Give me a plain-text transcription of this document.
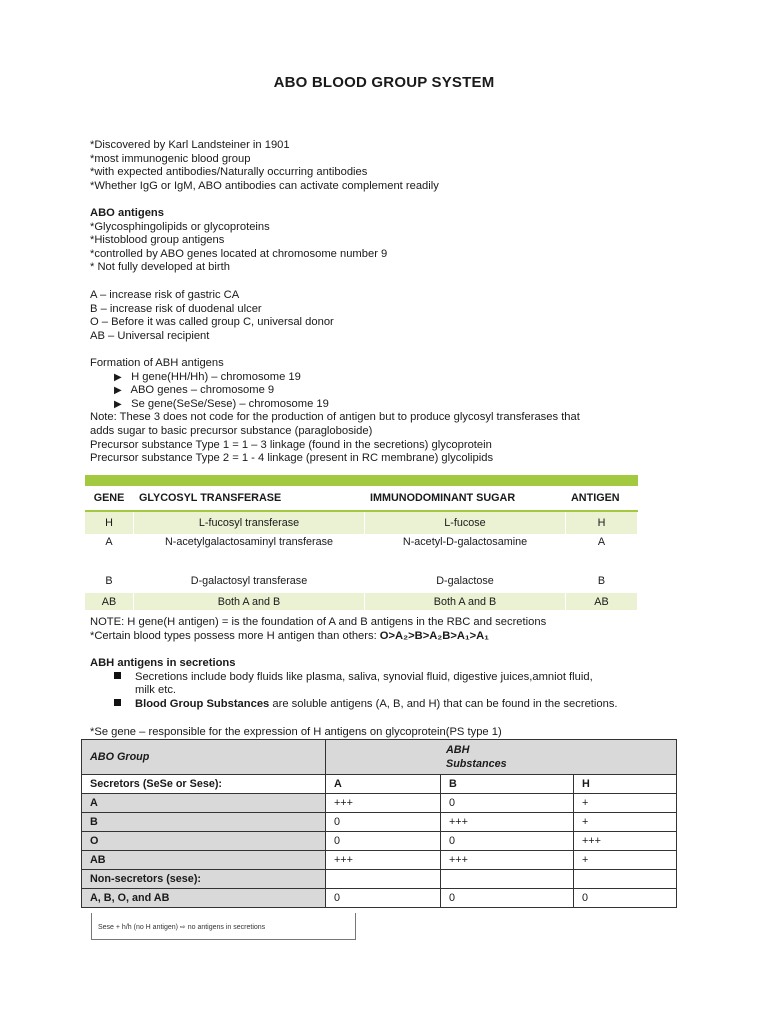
ABO BLOOD GROUP SYSTEM
*Discovered by Karl Landsteiner in 1901
*most immunogenic blood group
*with expected antibodies/Naturally occurring antibodies
*Whether IgG or IgM, ABO antibodies can activate complement readily
ABO antigens
*Glycosphingolipids or glycoproteins
*Histoblood group antigens
*controlled by ABO genes located at chromosome number 9
* Not fully developed at birth
A – increase risk of gastric CA
B – increase risk of duodenal ulcer
O – Before it was called group C, universal donor
AB – Universal recipient
Formation of ABH antigens
▶ H gene(HH/Hh) – chromosome 19
▶ ABO genes – chromosome 9
▶ Se gene(SeSe/Sese) – chromosome 19
Note: These 3 does not code for the production of antigen but to produce glycosyl transferases that
adds sugar to basic precursor substance (paragloboside)
Precursor substance Type 1 = 1 – 3 linkage (found in the secretions) glycoprotein
Precursor substance Type 2 = 1 - 4 linkage (present in RC membrane) glycolipids

GENE	GLYCOSYL TRANSFERASE	IMMUNODOMINANT SUGAR	ANTIGEN
H	L-fucosyl transferase	L-fucose	H
A	N-acetylgalactosaminyl transferase	N-acetyl-D-galactosamine	A
B	D-galactosyl transferase	D-galactose	B
AB	Both A and B	Both A and B	AB
NOTE: H gene(H antigen) = is the foundation of A and B antigens in the RBC and secretions
*Certain blood types possess more H antigen than others: O>A₂>B>A₂B>A₁>A₁
ABH antigens in secretions
Secretions include body fluids like plasma, saliva, synovial fluid, digestive juices,amniot fluid,
milk etc.
Blood Group Substances are soluble antigens (A, B, and H) that can be found in the secretions.
*Se gene – responsible for the expression of H antigens on glycoprotein(PS type 1)
ABO Group	ABH
Substances		

Secretors (SeSe or Sese):	A	B	H
A	+++	0	+
B	0	+++	+
O	0	0	+++
AB	+++	+++	+
Non-secretors (sese):			
A, B, O, and AB	0	0	0
Sese + h/h (no H antigen) ⇨ no antigens in secretions
